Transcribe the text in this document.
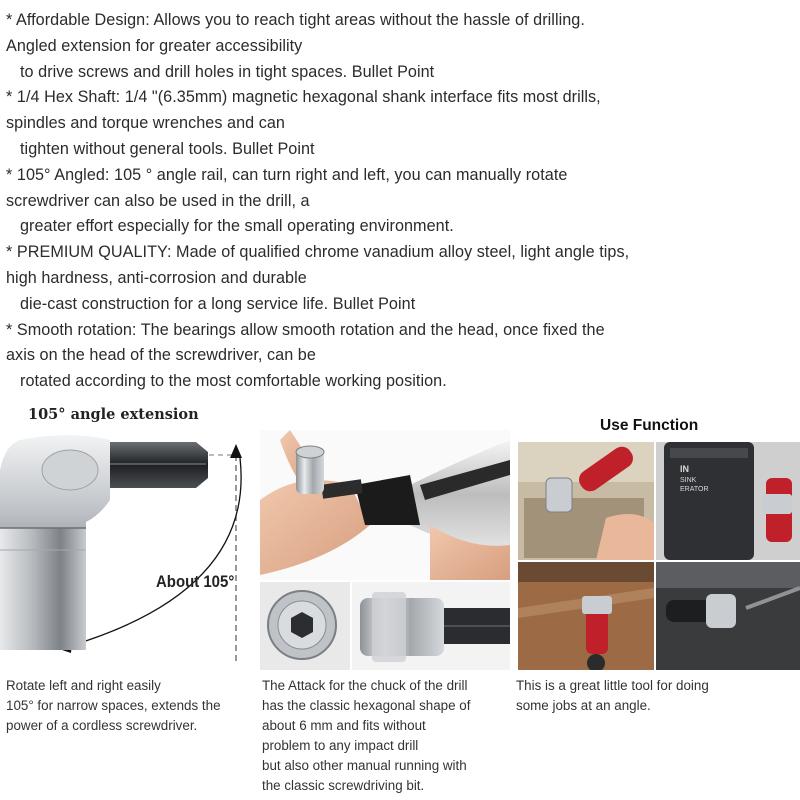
* Affordable Design: Allows you to reach tight areas without the hassle of drilling.
Angled extension for greater accessibility
to drive screws and drill holes in tight spaces. Bullet Point
* 1/4 Hex Shaft: 1/4 "(6.35mm) magnetic hexagonal shank interface fits most drills,
spindles and torque wrenches and can
tighten without general tools. Bullet Point
* 105° Angled: 105 ° angle rail, can turn right and left, you can manually rotate
screwdriver can also be used in the drill, a
greater effort especially for the small operating environment.
* PREMIUM QUALITY: Made of qualified chrome vanadium alloy steel, light angle tips,
high hardness, anti-corrosion and durable
die-cast construction for a long service life. Bullet Point
* Smooth rotation: The bearings allow smooth rotation and the head, once fixed the
axis on the head of the screwdriver, can be
rotated according to the most comfortable working position.
105° angle extension
About 105°
Use Function
IN
SINK
ERATOR
Rotate left and right easily
105° for narrow spaces, extends the
power of a cordless screwdriver.
The Attack for the chuck of the drill
has the classic hexagonal shape of
about 6 mm and fits without
problem to any impact drill
but also other manual running with
the classic screwdriving bit.
This is a great little tool for doing
some jobs at an angle.
